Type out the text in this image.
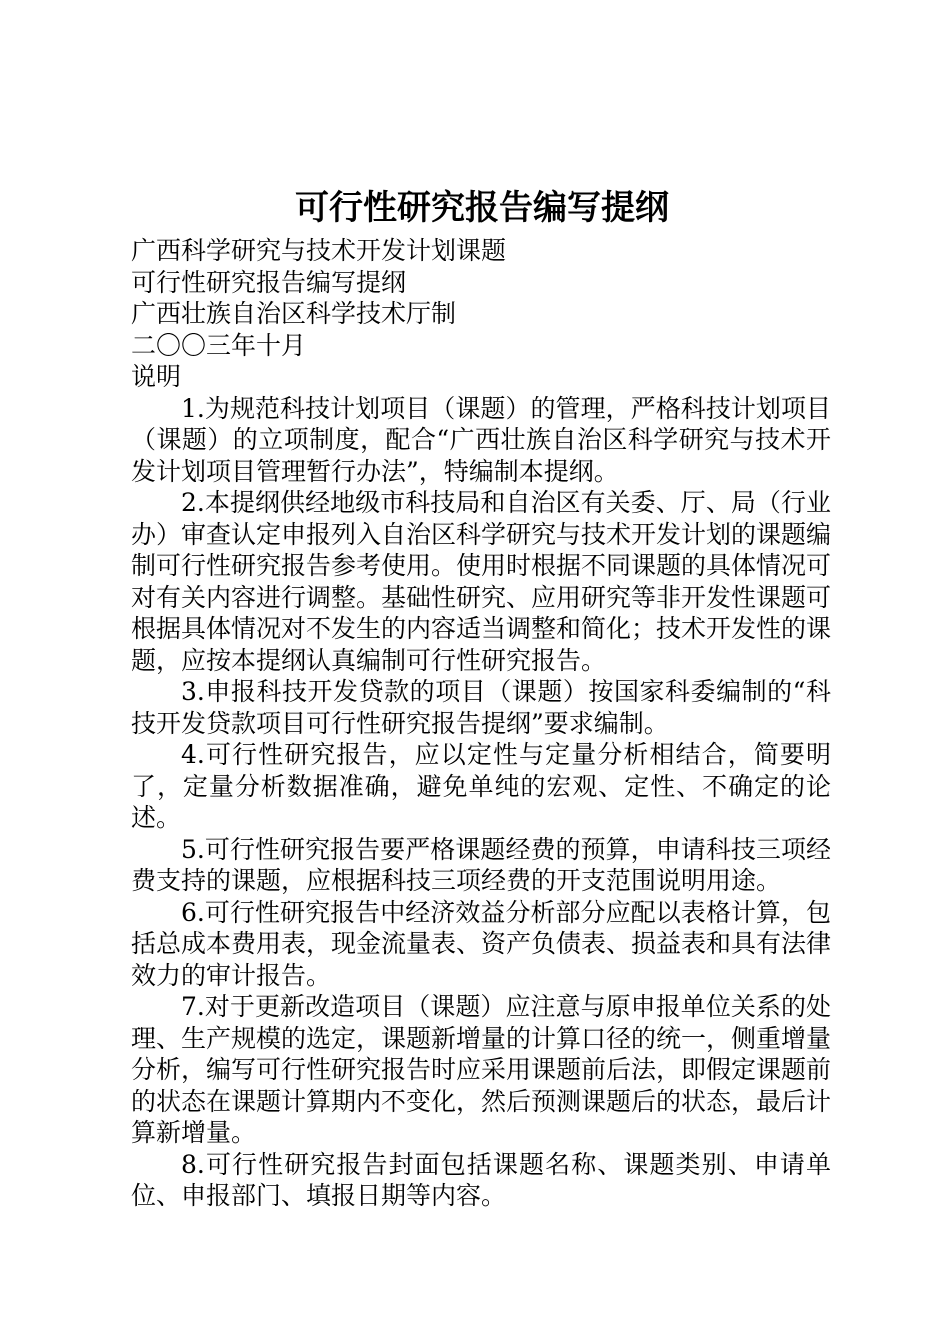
可行性研究报告编写提纲

广西科学研究与技术开发计划课题

可行性研究报告编写提纲

广西壮族自治区科学技术厅制

二〇〇三年十月

说明

1.为规范科技计划项目（课题）的管理，严格科技计划项目（课题）的立项制度，配合“广西壮族自治区科学研究与技术开发计划项目管理暂行办法”，特编制本提纲。

2.本提纲供经地级市科技局和自治区有关委、厅、局（行业办）审查认定申报列入自治区科学研究与技术开发计划的课题编制可行性研究报告参考使用。使用时根据不同课题的具体情况可对有关内容进行调整。基础性研究、应用研究等非开发性课题可根据具体情况对不发生的内容适当调整和简化；技术开发性的课题，应按本提纲认真编制可行性研究报告。

3.申报科技开发贷款的项目（课题）按国家科委编制的“科技开发贷款项目可行性研究报告提纲”要求编制。

4.可行性研究报告，应以定性与定量分析相结合，简要明了，定量分析数据准确，避免单纯的宏观、定性、不确定的论述。

5.可行性研究报告要严格课题经费的预算，申请科技三项经费支持的课题，应根据科技三项经费的开支范围说明用途。

6.可行性研究报告中经济效益分析部分应配以表格计算，包括总成本费用表，现金流量表、资产负债表、损益表和具有法律效力的审计报告。

7.对于更新改造项目（课题）应注意与原申报单位关系的处理、生产规模的选定，课题新增量的计算口径的统一，侧重增量分析，编写可行性研究报告时应采用课题前后法，即假定课题前的状态在课题计算期内不变化，然后预测课题后的状态，最后计算新增量。

8.可行性研究报告封面包括课题名称、课题类别、申请单位、申报部门、填报日期等内容。
